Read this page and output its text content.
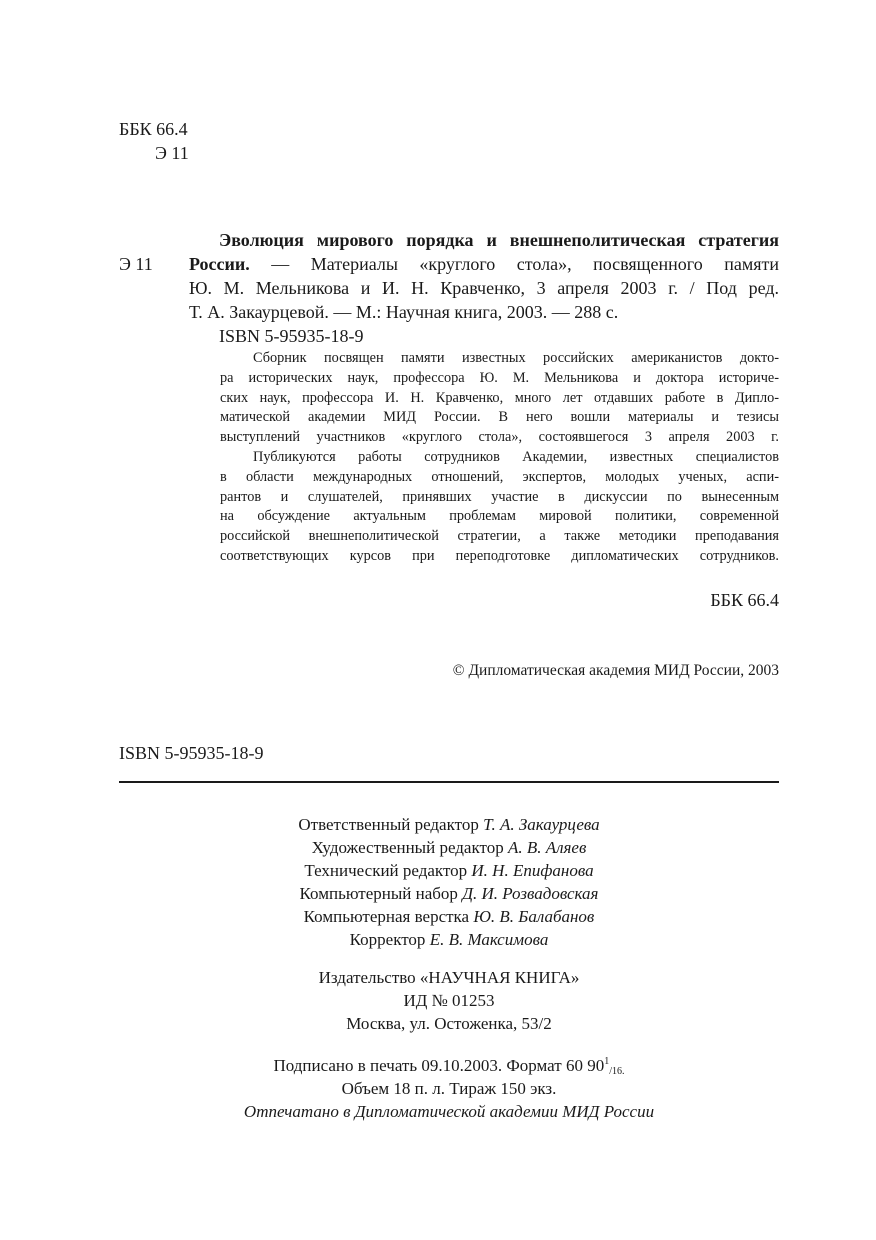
ББК 66.4
Э 11
Э 11
Эволюция мирового порядка и внешнеполитическая стратегия
России. — Материалы «круглого стола», посвященного памяти
Ю. М. Мельникова и И. Н. Кравченко, 3 апреля 2003 г. / Под ред.
Т. А. Закаурцевой. — М.: Научная книга, 2003. — 288 с.
ISBN 5-95935-18-9
Сборник посвящен памяти известных российских американистов докто-
ра исторических наук, профессора Ю. М. Мельникова и доктора историче-
ских наук, профессора И. Н. Кравченко, много лет отдавших работе в Дипло-
матической академии МИД России. В него вошли материалы и тезисы
выступлений участников «круглого стола», состоявшегося 3 апреля 2003 г.
Публикуются работы сотрудников Академии, известных специалистов
в области международных отношений, экспертов, молодых ученых, аспи-
рантов и слушателей, принявших участие в дискуссии по вынесенным
на обсуждение актуальным проблемам мировой политики, современной
российской внешнеполитической стратегии, а также методики преподавания
соответствующих курсов при переподготовке дипломатических сотрудников.
ББК 66.4
© Дипломатическая академия МИД России, 2003
ISBN 5-95935-18-9
Ответственный редактор Т. А. Закаурцева
Художественный редактор А. В. Аляев
Технический редактор И. Н. Епифанова
Компьютерный набор Д. И. Розвадовская
Компьютерная верстка Ю. В. Балабанов
Корректор Е. В. Максимова
Издательство «НАУЧНАЯ КНИГА»
ИД № 01253
Москва, ул. Остоженка, 53/2
Подписано в печать 09.10.2003. Формат 60 $90^1_{/16.}$
Объем 18 п. л. Тираж 150 экз.
Отпечатано в Дипломатической академии МИД России
